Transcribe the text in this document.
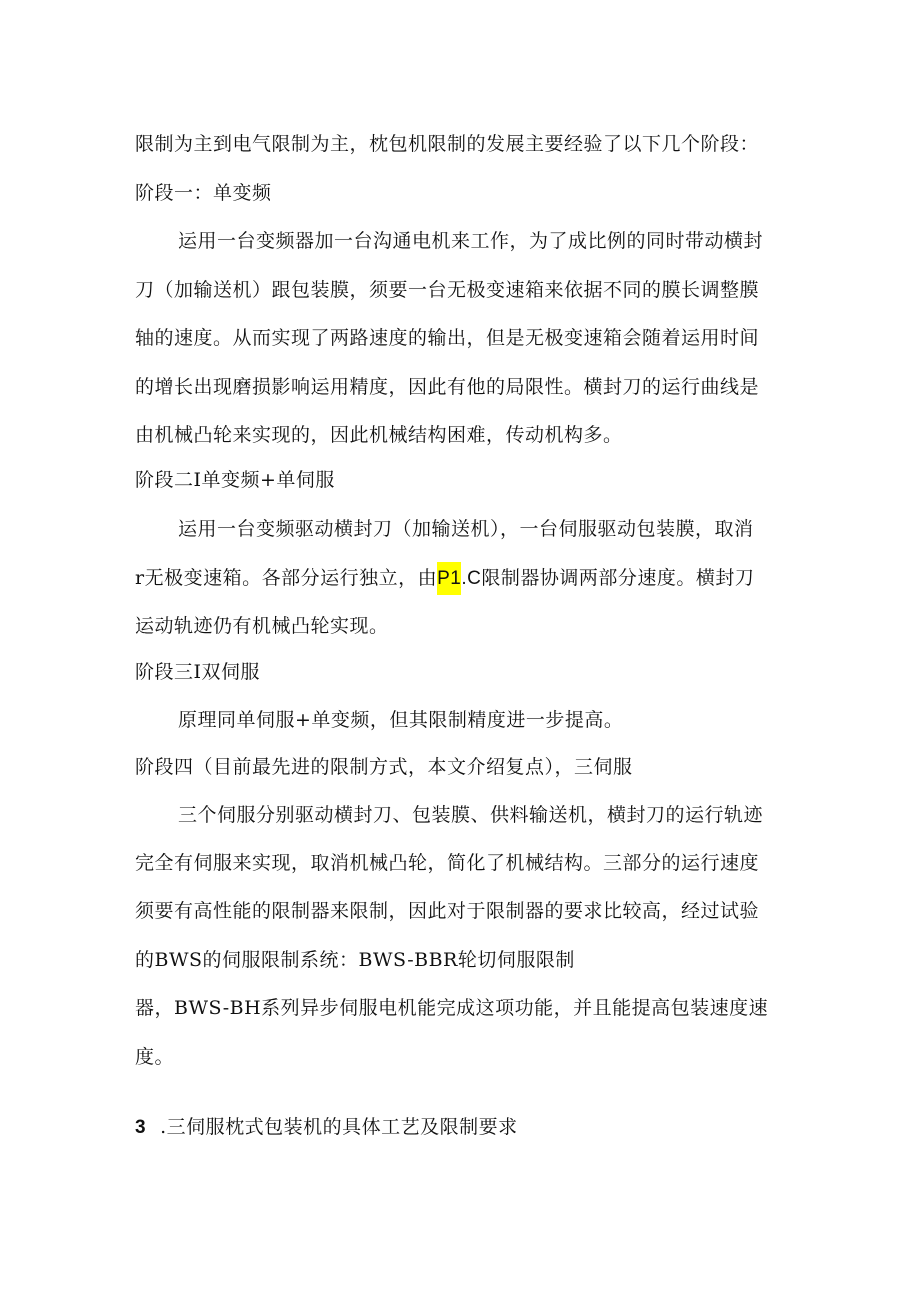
限制为主到电气限制为主，枕包机限制的发展主要经验了以下几个阶段：
阶段一：单变频
运用一台变频器加一台沟通电机来工作，为了成比例的同时带动横封
刀（加输送机）跟包装膜，须要一台无极变速箱来依据不同的膜长调整膜
轴的速度。从而实现了两路速度的输出，但是无极变速箱会随着运用时间
的增长出现磨损影响运用精度，因此有他的局限性。横封刀的运行曲线是
由机械凸轮来实现的，因此机械结构困难，传动机构多。
阶段二I单变频+单伺服
运用一台变频驱动横封刀（加输送机），一台伺服驱动包装膜，取消
r无极变速箱。各部分运行独立，由P1.C限制器协调两部分速度。横封刀
运动轨迹仍有机械凸轮实现。
阶段三I双伺服
原理同单伺服+单变频，但其限制精度进一步提高。
阶段四（目前最先进的限制方式，本文介绍复点），三伺服
三个伺服分别驱动横封刀、包装膜、供料输送机，横封刀的运行轨迹
完全有伺服来实现，取消机械凸轮，简化了机械结构。三部分的运行速度
须要有高性能的限制器来限制，因此对于限制器的要求比较高，经过试验
的BWS的伺服限制系统：BWS-BBR轮切伺服限制
器，BWS-BH系列异步伺服电机能完成这项功能，并且能提高包装速度速
度。
3 .三伺服枕式包装机的具体工艺及限制要求
